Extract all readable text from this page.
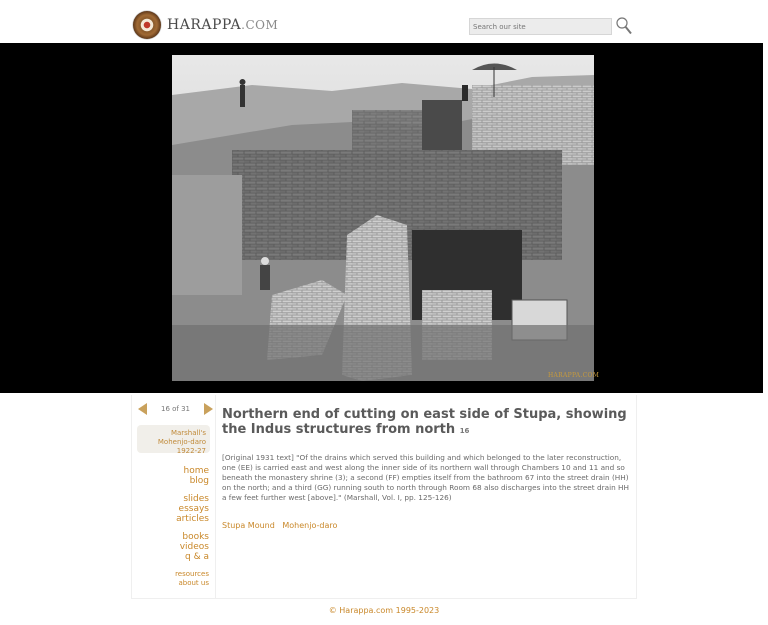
HARAPPA.COM
Search our site
HARAPPA.COM
16 of 31
Marshall's Mohenjo-daro 1922-27
home
blog
slides
essays
articles
books
videos
q & a
resources
about us
Northern end of cutting on east side of Stupa, showing the Indus structures from north 16
[Original 1931 text] "Of the drains which served this building and which belonged to the later reconstruction, one (EE) is carried east and west along the inner side of its northern wall through Chambers 10 and 11 and so beneath the monastery shrine (3); a second (FF) empties itself from the bathroom 67 into the street drain (HH) on the north; and a third (GG) running south to north through Room 68 also discharges into the street drain HH a few feet further west [above]." (Marshall, Vol. I, pp. 125-126)
Stupa Mound Mohenjo-daro
© Harappa.com 1995-2023
